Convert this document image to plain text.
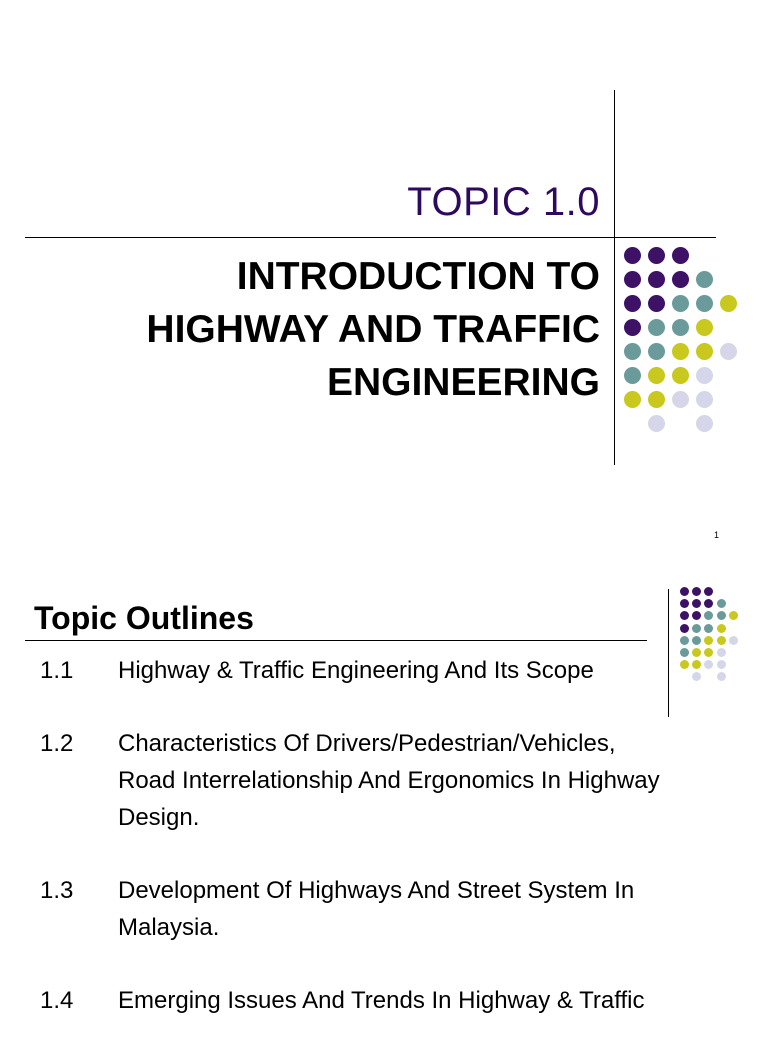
TOPIC 1.0
INTRODUCTION TO
HIGHWAY AND TRAFFIC
ENGINEERING
1
Topic Outlines
1.1 Highway & Traffic Engineering And Its Scope
1.2 Characteristics Of Drivers/Pedestrian/Vehicles,
Road Interrelationship And Ergonomics In Highway
Design.
1.3 Development Of Highways And Street System In
Malaysia.
1.4 Emerging Issues And Trends In Highway & Traffic
